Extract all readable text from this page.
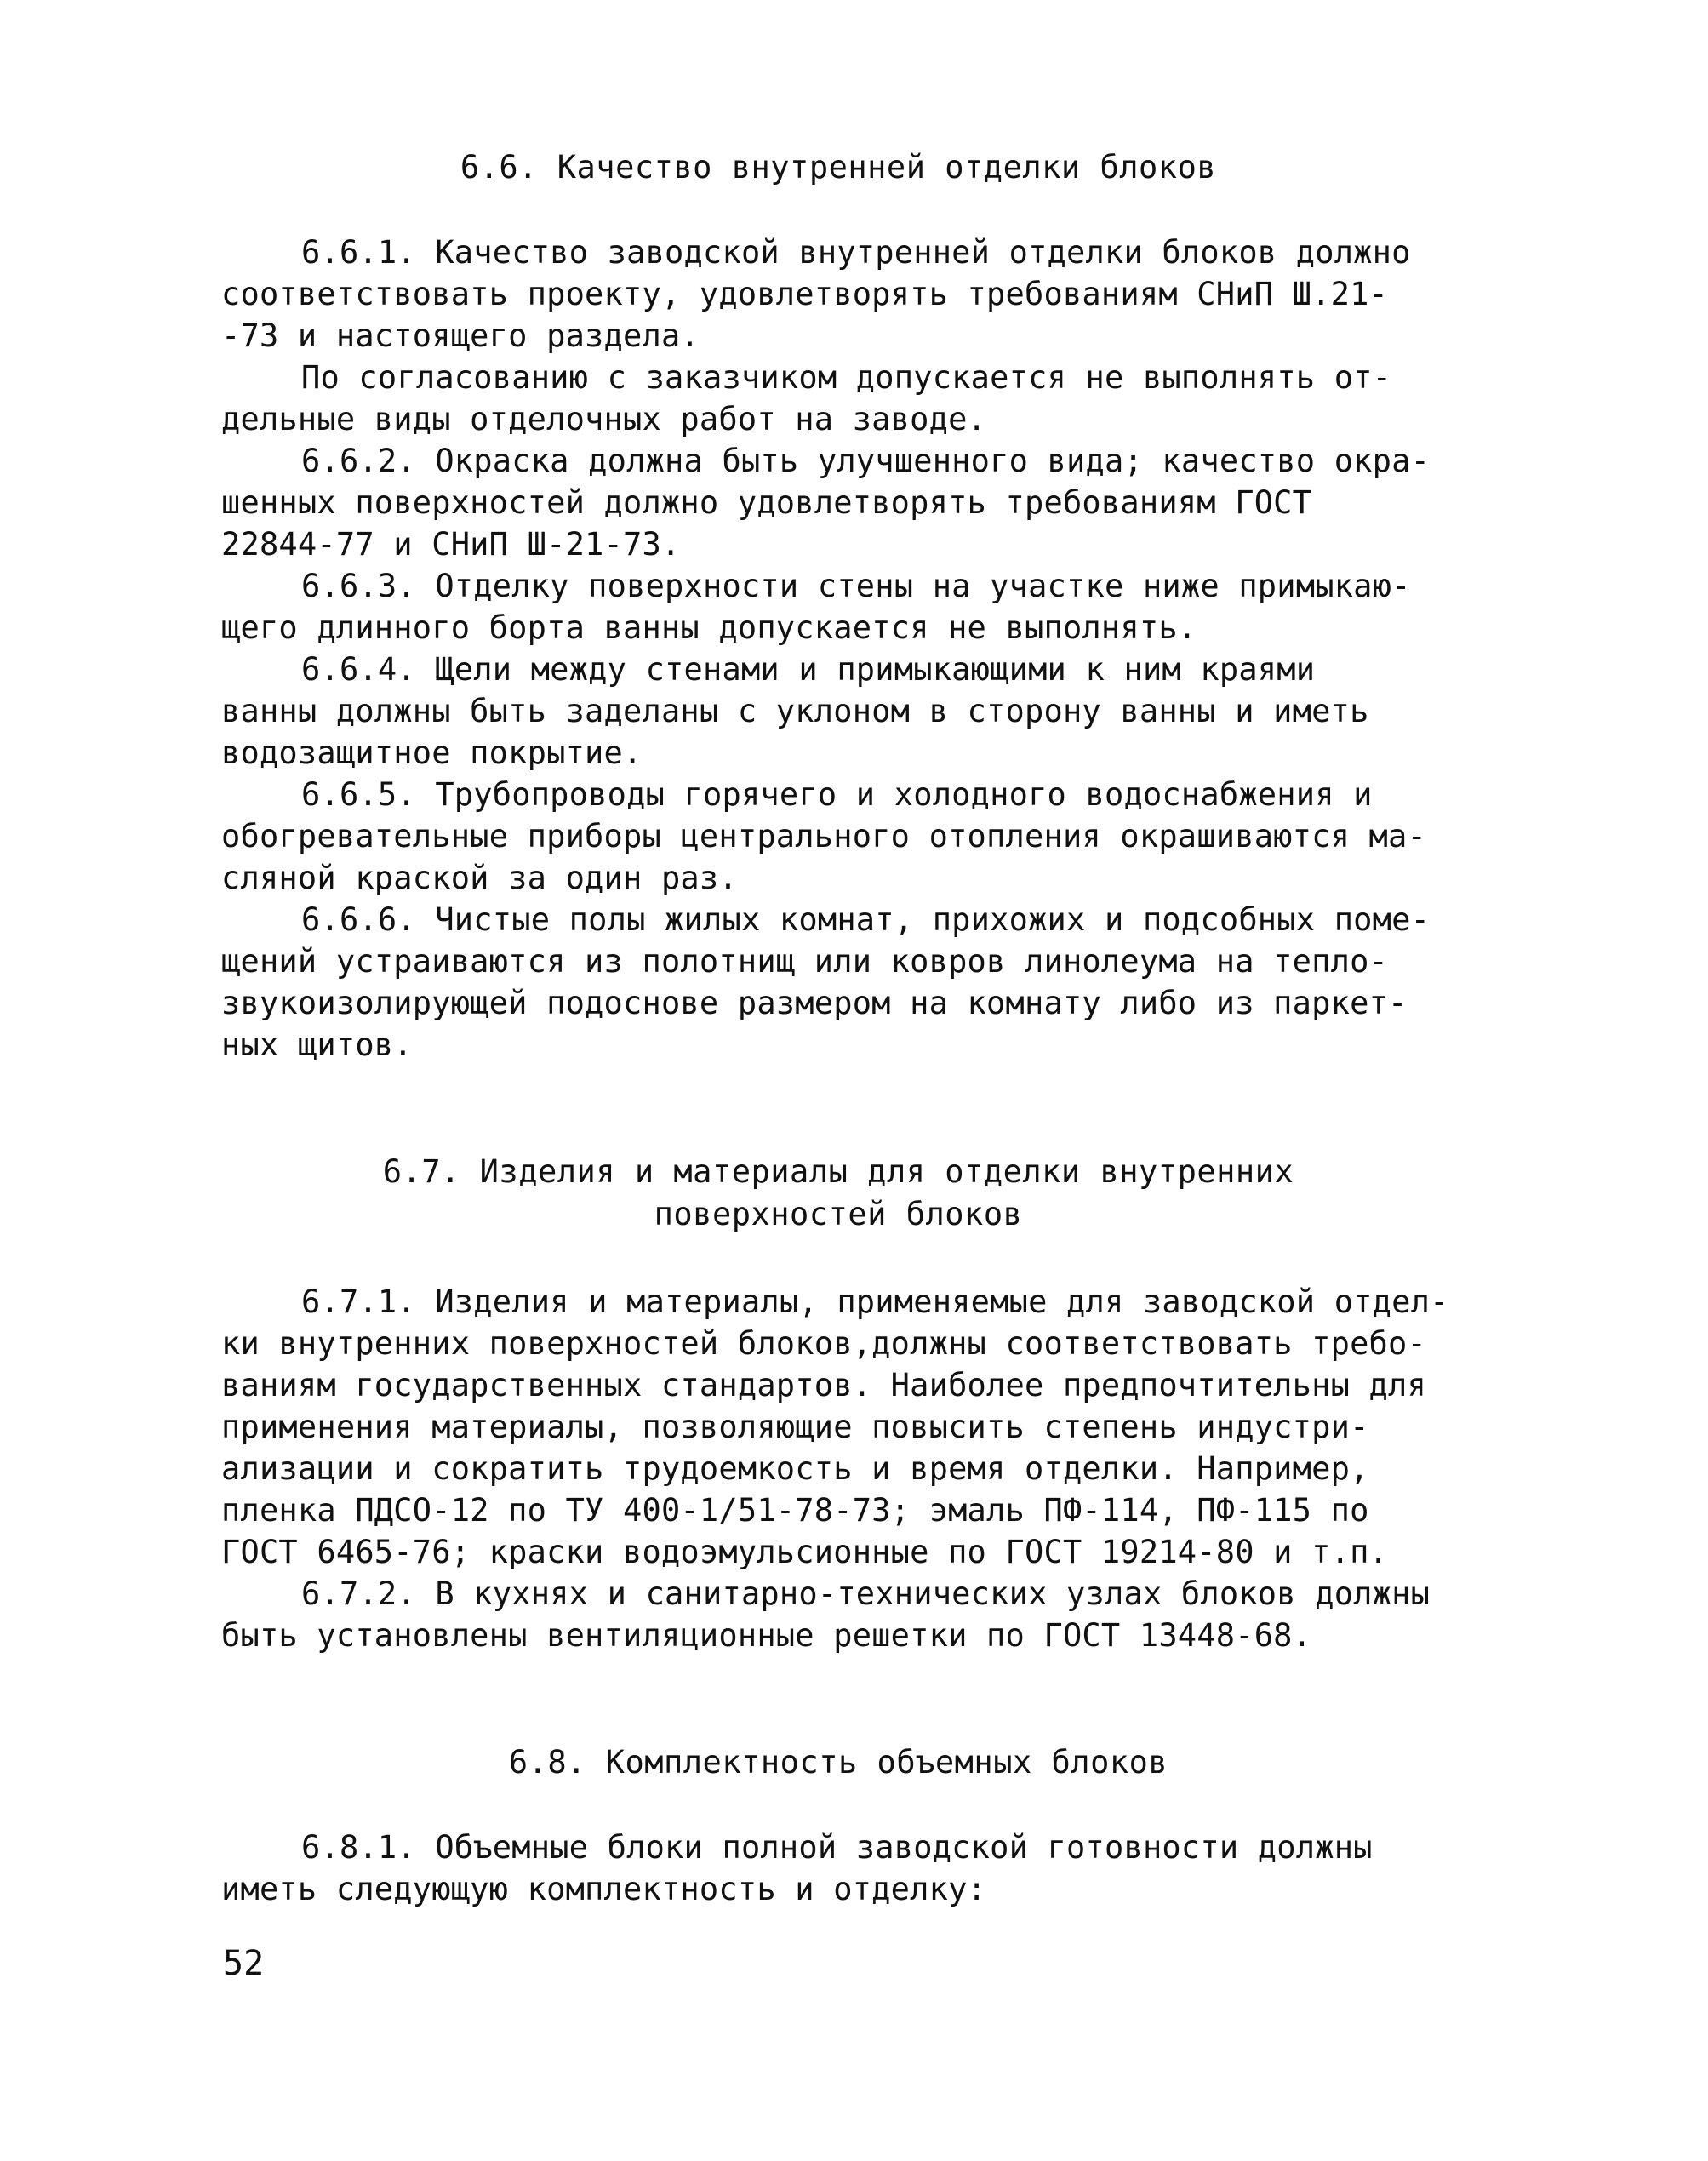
6.6. Качество внутренней отделки блоков
6.6.1. Качество заводской внутренней отделки блоков должно
соответствовать проекту, удовлетворять требованиям СНиП Ш.21-
-73 и настоящего раздела.
По согласованию с заказчиком допускается не выполнять от-
дельные виды отделочных работ на заводе.
6.6.2. Окраска должна быть улучшенного вида; качество окра-
шенных поверхностей должно удовлетворять требованиям ГОСТ
22844-77 и СНиП Ш-21-73.
6.6.3. Отделку поверхности стены на участке ниже примыкаю-
щего длинного борта ванны допускается не выполнять.
6.6.4. Щели между стенами и примыкающими к ним краями
ванны должны быть заделаны с уклоном в сторону ванны и иметь
водозащитное покрытие.
6.6.5. Трубопроводы горячего и холодного водоснабжения и
обогревательные приборы центрального отопления окрашиваются ма-
сляной краской за один раз.
6.6.6. Чистые полы жилых комнат, прихожих и подсобных поме-
щений устраиваются из полотнищ или ковров линолеума на тепло-
звукоизолирующей подоснове размером на комнату либо из паркет-
ных щитов.
6.7. Изделия и материалы для отделки внутренних
поверхностей блоков
6.7.1. Изделия и материалы, применяемые для заводской отдел-
ки внутренних поверхностей блоков,должны соответствовать требо-
ваниям государственных стандартов. Наиболее предпочтительны для
применения материалы, позволяющие повысить степень индустри-
ализации и сократить трудоемкость и время отделки. Например,
пленка ПДСО-12 по ТУ 400-1/51-78-73; эмаль ПФ-114, ПФ-115 по
ГОСТ 6465-76; краски водоэмульсионные по ГОСТ 19214-80 и т.п.
6.7.2. В кухнях и санитарно-технических узлах блоков должны
быть установлены вентиляционные решетки по ГОСТ 13448-68.
6.8. Комплектность объемных блоков
6.8.1. Объемные блоки полной заводской готовности должны
иметь следующую комплектность и отделку:
52
